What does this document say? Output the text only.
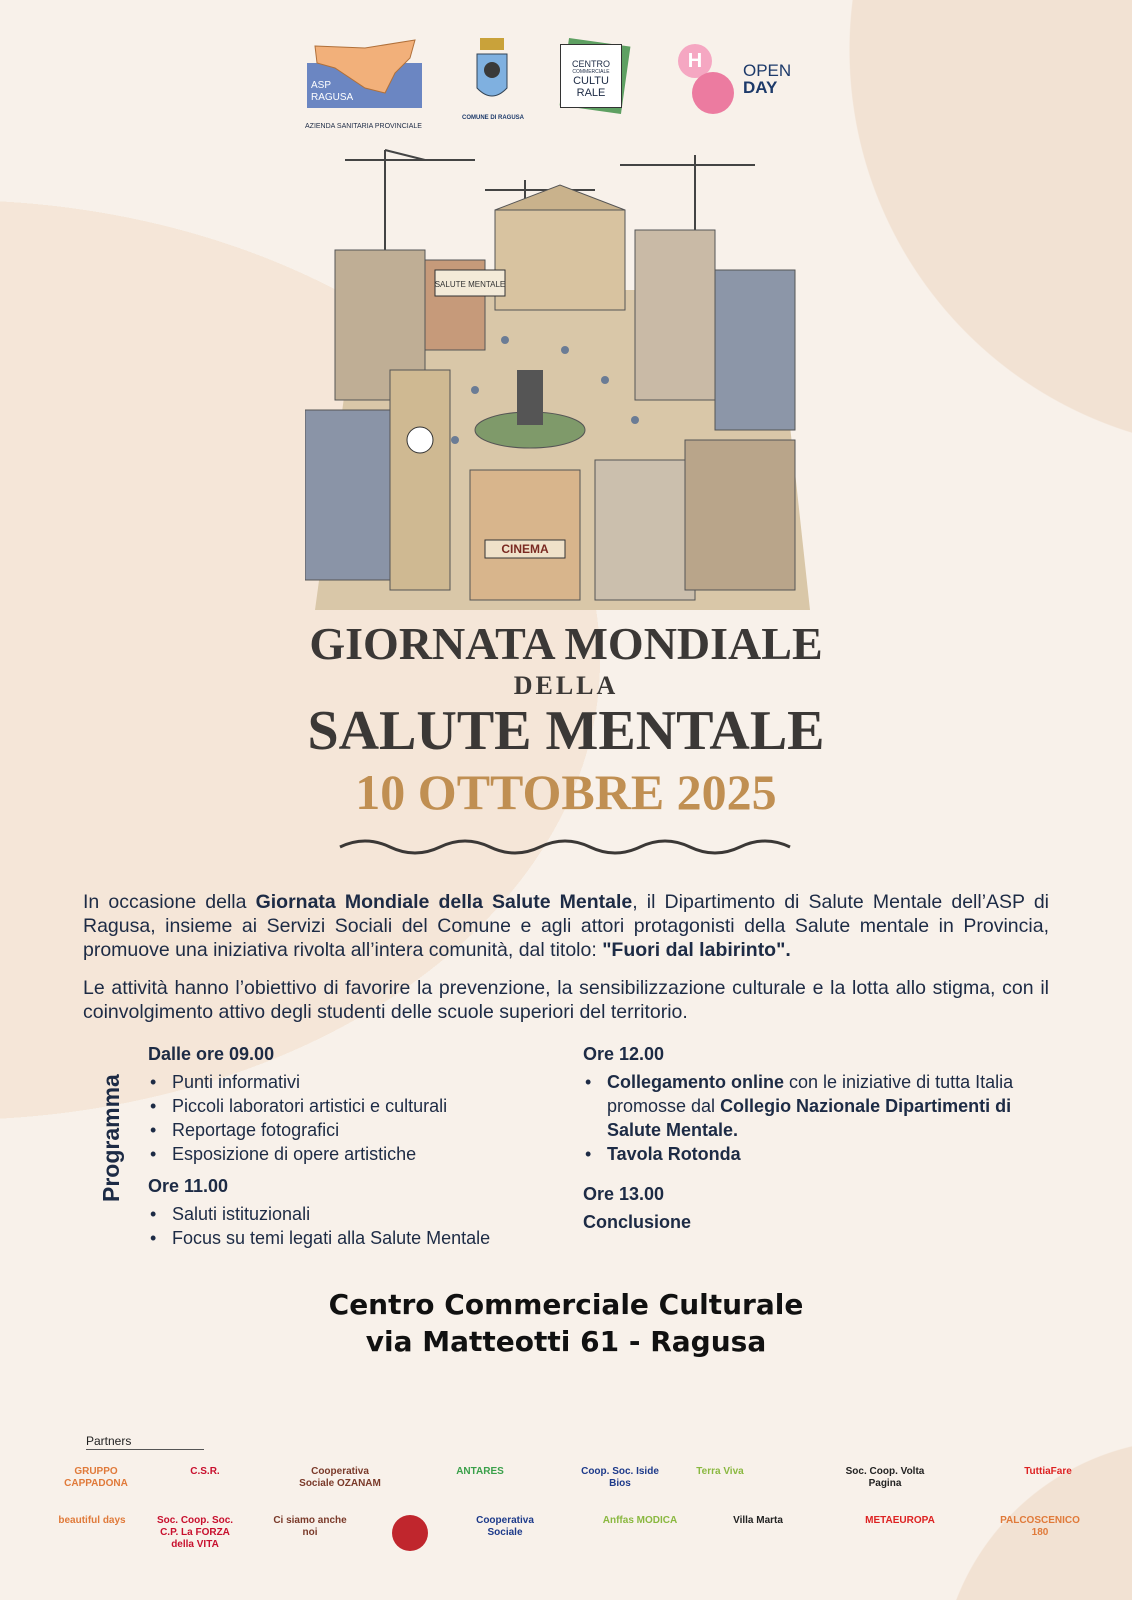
ASP
RAGUSA
AZIENDA SANITARIA PROVINCIALE
COMUNE DI RAGUSA
CENTRO
COMMERCIALE
CULTU
RALE
H	OPEN
DAY
SALUTE MENTALE
CINEMA
GIORNATA MONDIALE
DELLA
SALUTE MENTALE
10 OTTOBRE 2025

In occasione della Giornata Mondiale della Salute Mentale, il Dipartimento di Salute Mentale dell’ASP di Ragusa, insieme ai Servizi Sociali del Comune e agli attori protagonisti della Salute mentale in Provincia, promuove una iniziativa rivolta all’intera comunità, dal titolo: "Fuori dal labirinto".

Le attività hanno l’obiettivo di favorire la prevenzione, la sensibilizzazione culturale e la lotta allo stigma, con il coinvolgimento attivo degli studenti delle scuole superiori del territorio.

Programma
Dalle ore 09.00
• Punti informativi
• Piccoli laboratori artistici e culturali
• Reportage fotografici
• Esposizione di opere artistiche
Ore 11.00
• Saluti istituzionali
• Focus su temi legati alla Salute Mentale
Ore 12.00
• Collegamento online con le iniziative di tutta Italia promosse dal Collegio Nazionale Dipartimenti di Salute Mentale.
• Tavola Rotonda
Ore 13.00
Conclusione
Centro Commerciale Culturale
via Matteotti 61 - Ragusa
Partners
GRUPPO CAPPADONA
C.S.R.	Cooperativa Sociale OZANAM
ANTARES	Coop. Soc. Iside Bios
Terra Viva	Soc. Coop. Volta Pagina
TuttiaFare
beautiful days	Soc. Coop. Soc. C.P. La FORZA della VITA
Ci siamo anche noi
Cooperativa Sociale
Anffas MODICA	Villa Marta	METAEUROPA	PALCOSCENICO 180
